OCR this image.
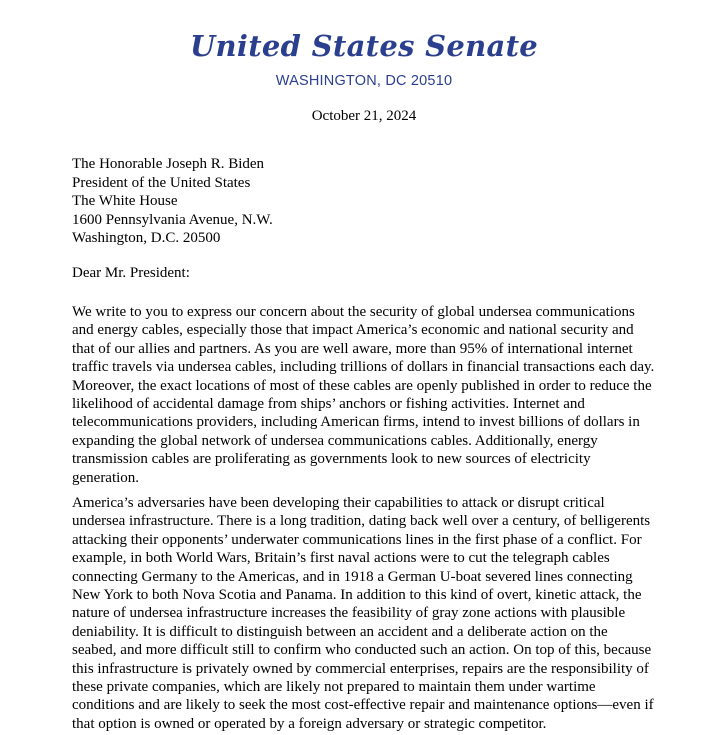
United States Senate
WASHINGTON, DC 20510
October 21, 2024
The Honorable Joseph R. Biden
President of the United States
The White House
1600 Pennsylvania Avenue, N.W.
Washington, D.C. 20500
Dear Mr. President:
We write to you to express our concern about the security of global undersea communications
and energy cables, especially those that impact America’s economic and national security and
that of our allies and partners. As you are well aware, more than 95% of international internet
traffic travels via undersea cables, including trillions of dollars in financial transactions each day.
Moreover, the exact locations of most of these cables are openly published in order to reduce the
likelihood of accidental damage from ships’ anchors or fishing activities. Internet and
telecommunications providers, including American firms, intend to invest billions of dollars in
expanding the global network of undersea communications cables. Additionally, energy
transmission cables are proliferating as governments look to new sources of electricity
generation.
America’s adversaries have been developing their capabilities to attack or disrupt critical
undersea infrastructure. There is a long tradition, dating back well over a century, of belligerents
attacking their opponents’ underwater communications lines in the first phase of a conflict. For
example, in both World Wars, Britain’s first naval actions were to cut the telegraph cables
connecting Germany to the Americas, and in 1918 a German U-boat severed lines connecting
New York to both Nova Scotia and Panama. In addition to this kind of overt, kinetic attack, the
nature of undersea infrastructure increases the feasibility of gray zone actions with plausible
deniability. It is difficult to distinguish between an accident and a deliberate action on the
seabed, and more difficult still to confirm who conducted such an action. On top of this, because
this infrastructure is privately owned by commercial enterprises, repairs are the responsibility of
these private companies, which are likely not prepared to maintain them under wartime
conditions and are likely to seek the most cost-effective repair and maintenance options—even if
that option is owned or operated by a foreign adversary or strategic competitor.
